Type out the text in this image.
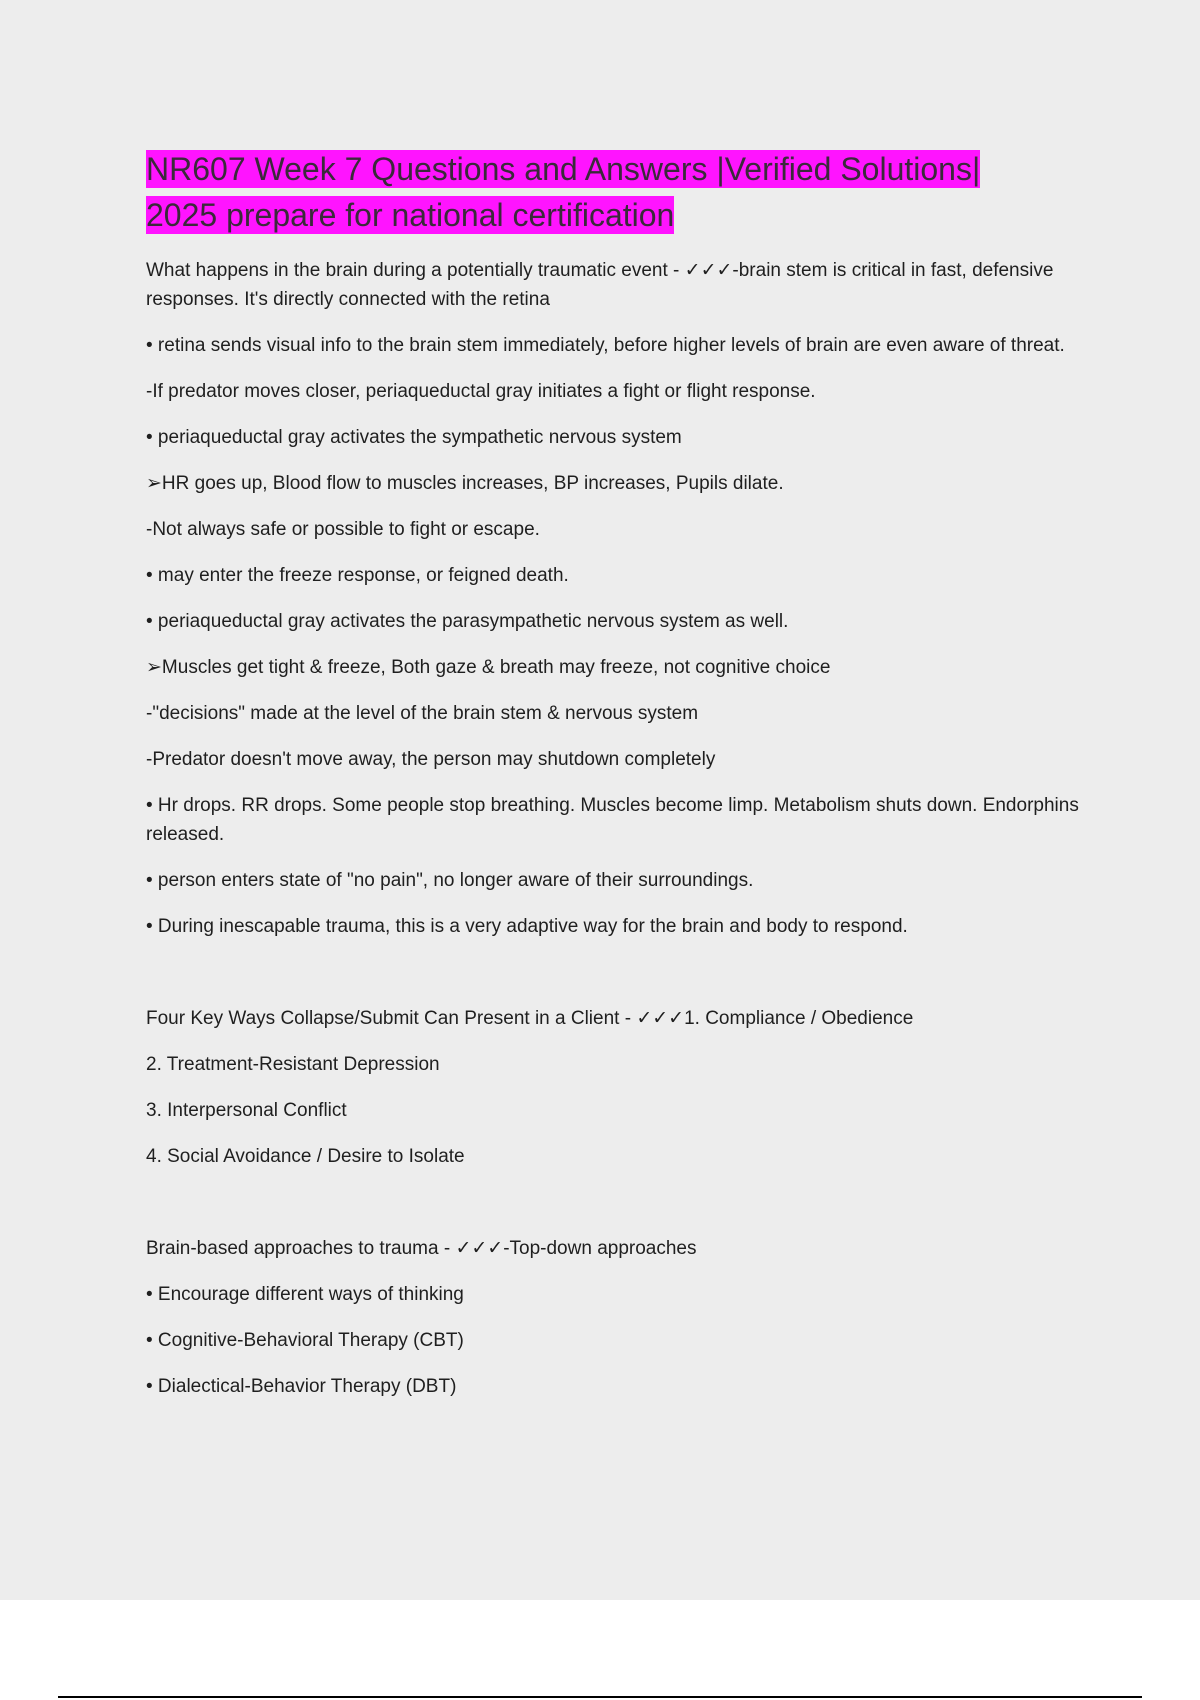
NR607 Week 7 Questions and Answers |Verified Solutions|
2025 prepare for national certification

What happens in the brain during a potentially traumatic event - ✓✓✓-brain stem is critical in fast, defensive responses. It's directly connected with the retina

• retina sends visual info to the brain stem immediately, before higher levels of brain are even aware of threat.

-If predator moves closer, periaqueductal gray initiates a fight or flight response.

• periaqueductal gray activates the sympathetic nervous system

➢HR goes up, Blood flow to muscles increases, BP increases, Pupils dilate.

-Not always safe or possible to fight or escape.

• may enter the freeze response, or feigned death.

• periaqueductal gray activates the parasympathetic nervous system as well.

➢Muscles get tight & freeze, Both gaze & breath may freeze, not cognitive choice

-"decisions" made at the level of the brain stem & nervous system

-Predator doesn't move away, the person may shutdown completely

• Hr drops. RR drops. Some people stop breathing. Muscles become limp. Metabolism shuts down. Endorphins released.

• person enters state of "no pain", no longer aware of their surroundings.

• During inescapable trauma, this is a very adaptive way for the brain and body to respond.

Four Key Ways Collapse/Submit Can Present in a Client - ✓✓✓1. Compliance / Obedience

2. Treatment-Resistant Depression

3. Interpersonal Conflict

4. Social Avoidance / Desire to Isolate

Brain-based approaches to trauma - ✓✓✓-Top-down approaches

• Encourage different ways of thinking

• Cognitive-Behavioral Therapy (CBT)

• Dialectical-Behavior Therapy (DBT)
